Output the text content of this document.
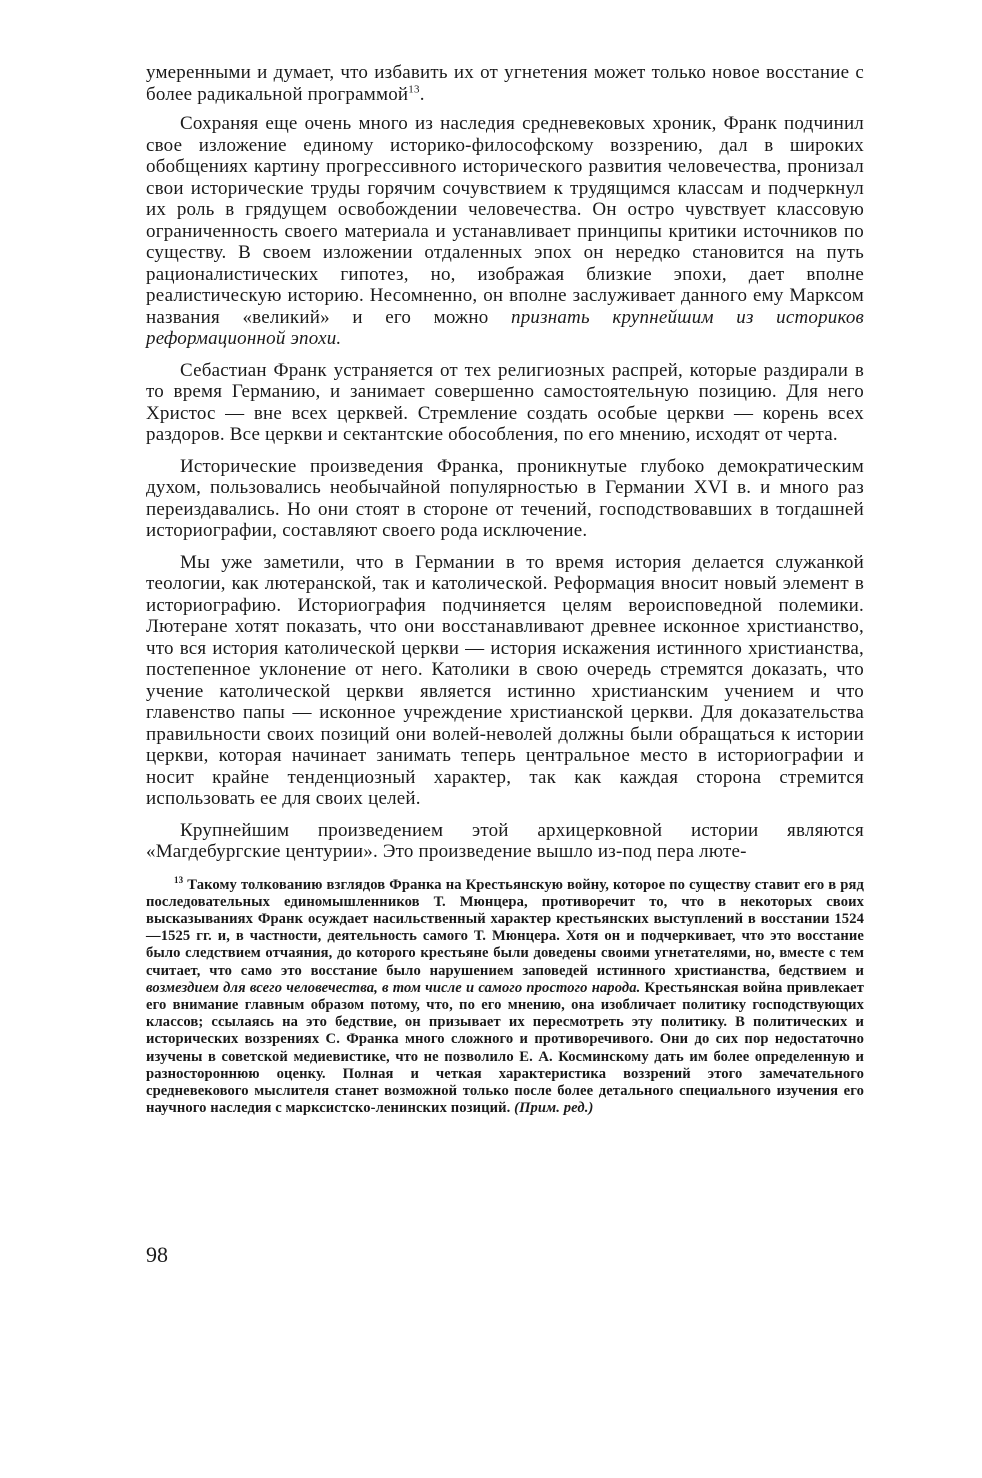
умеренными и думает, что избавить их от угнетения может только новое восстание с более радикальной программой$^{13}$.

Сохраняя еще очень много из наследия средневековых хроник, Франк подчинил свое изложение единому историко-философскому воззрению, дал в широких обобщениях картину прогрессивного исторического развития человечества, пронизал свои исторические труды горячим сочувствием к трудящимся классам и подчеркнул их роль в грядущем освобождении человечества. Он остро чувствует классовую ограниченность своего материала и устанавливает принципы критики источников по существу. В своем изложении отдаленных эпох он нередко становится на путь рационалистических гипотез, но, изображая близкие эпохи, дает вполне реалистическую историю. Несомненно, он вполне заслуживает данного ему Марксом названия «великий» и его можно признать крупнейшим из историков реформационной эпохи.

Себастиан Франк устраняется от тех религиозных распрей, которые раздирали в то время Германию, и занимает совершенно самостоятельную позицию. Для него Христос — вне всех церквей. Стремление создать особые церкви — корень всех раздоров. Все церкви и сектантские обособления, по его мнению, исходят от черта.

Исторические произведения Франка, проникнутые глубоко демократическим духом, пользовались необычайной популярностью в Германии XVI в. и много раз переиздавались. Но они стоят в стороне от течений, господствовавших в тогдашней историографии, составляют своего рода исключение.

Мы уже заметили, что в Германии в то время история делается служанкой теологии, как лютеранской, так и католической. Реформация вносит новый элемент в историографию. Историография подчиняется целям вероисповедной полемики. Лютеране хотят показать, что они восстанавливают древнее исконное христианство, что вся история католической церкви — история искажения истинного христианства, постепенное уклонение от него. Католики в свою очередь стремятся доказать, что учение католической церкви является истинно христианским учением и что главенство папы — исконное учреждение христианской церкви. Для доказательства правильности своих позиций они волей-неволей должны были обращаться к истории церкви, которая начинает занимать теперь центральное место в историографии и носит крайне тенденциозный характер, так как каждая сторона стремится использовать ее для своих целей.

Крупнейшим произведением этой архицерковной истории являются «Магдебургские центурии». Это произведение вышло из-под пера люте-

$^{13}$ Такому толкованию взглядов Франка на Крестьянскую войну, которое по существу ставит его в ряд последовательных единомышленников Т. Мюнцера, противоречит то, что в некоторых своих высказываниях Франк осуждает насильственный характер крестьянских выступлений в восстании 1524—1525 гг. и, в частности, деятельность самого Т. Мюнцера. Хотя он и подчеркивает, что это восстание было следствием отчаяния, до которого крестьяне были доведены своими угнетателями, но, вместе с тем считает, что само это восстание было нарушением заповедей истинного христианства, бедствием и возмездием для всего человечества, в том числе и самого простого народа. Крестьянская война привлекает его внимание главным образом потому, что, по его мнению, она изобличает политику господствующих классов; ссылаясь на это бедствие, он призывает их пересмотреть эту политику. В политических и исторических воззрениях С. Франка много сложного и противоречивого. Они до сих пор недостаточно изучены в советской медиевистике, что не позволило Е. А. Косминскому дать им более определенную и разностороннюю оценку. Полная и четкая характеристика воззрений этого замечательного средневекового мыслителя станет возможной только после более детального специального изучения его научного наследия с марксистско-ленинских позиций. (Прим. ред.)

98
